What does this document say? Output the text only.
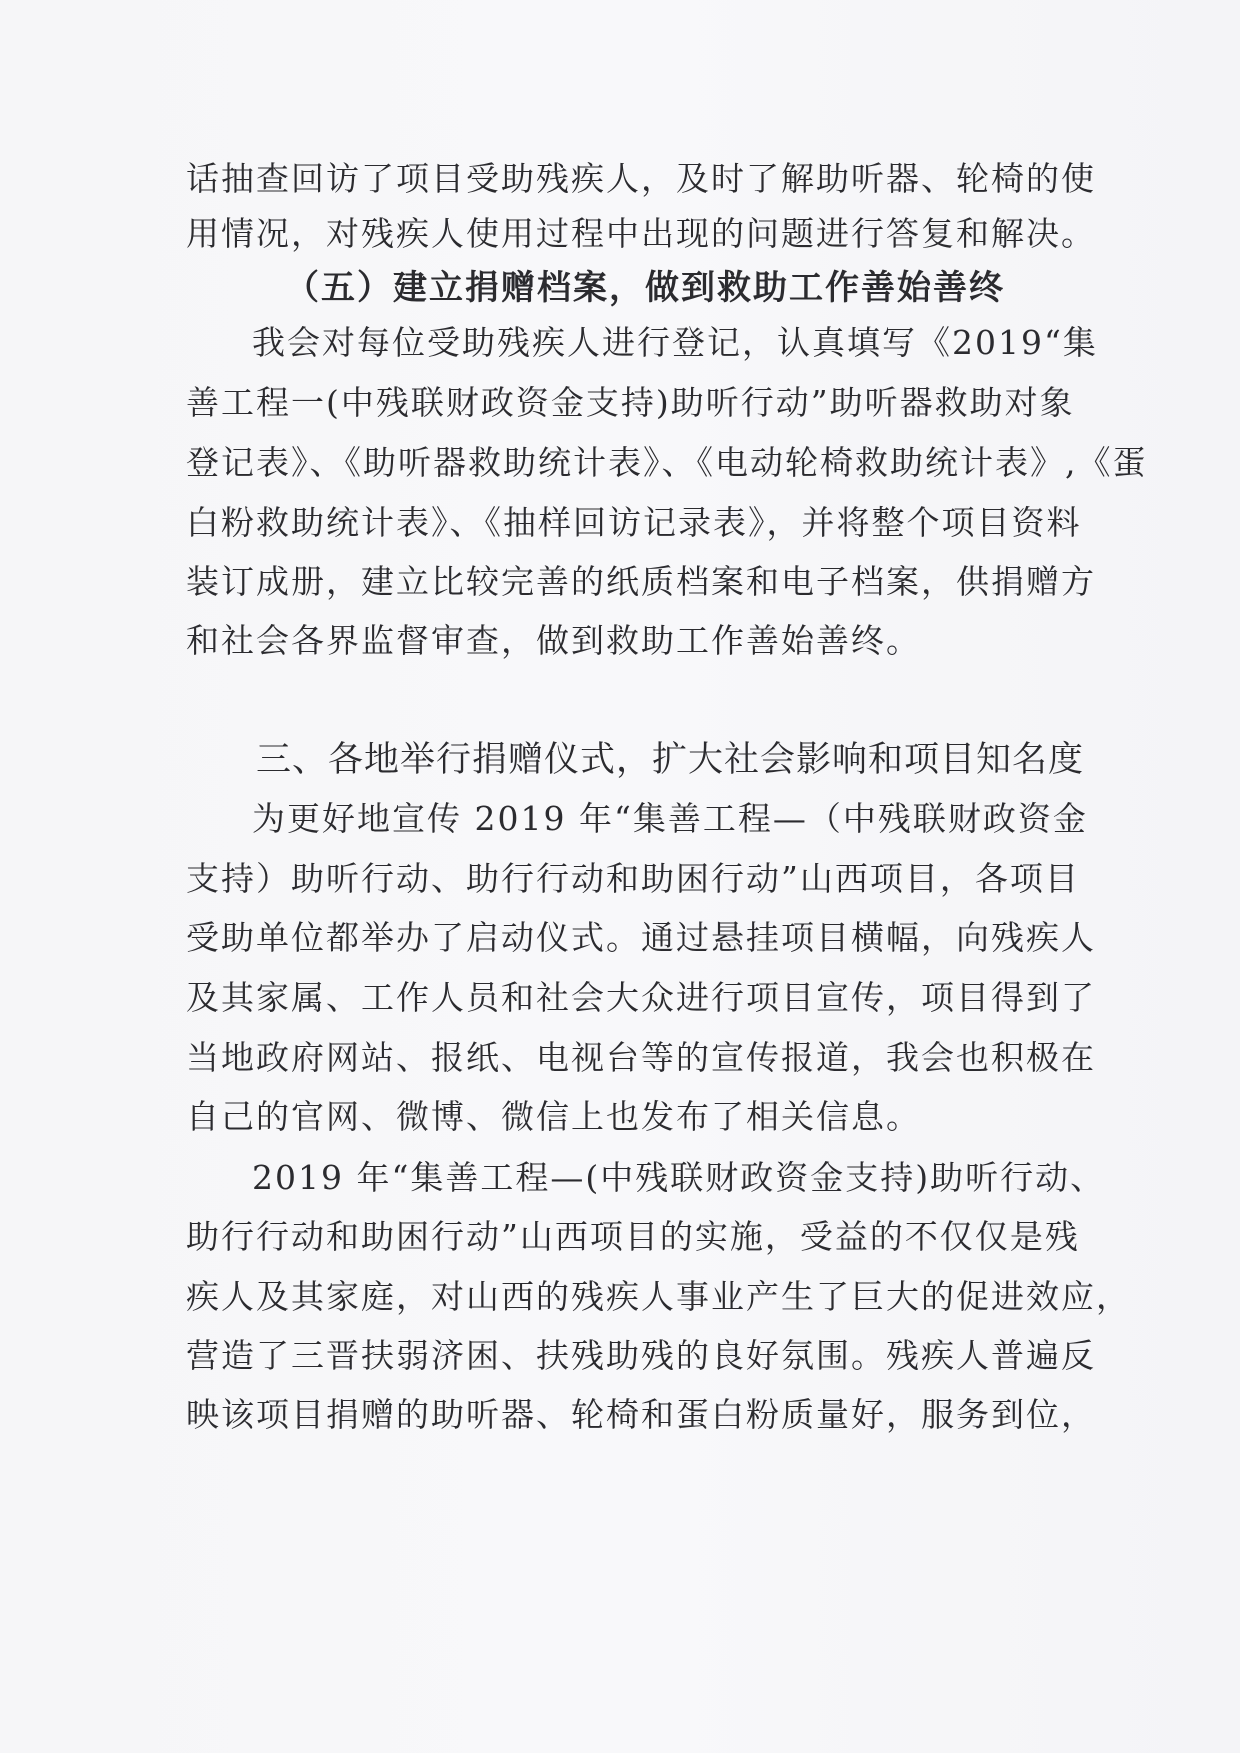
话抽查回访了项目受助残疾人，及时了解助听器、轮椅的使
用情况，对残疾人使用过程中出现的问题进行答复和解决。
（五）建立捐赠档案，做到救助工作善始善终
我会对每位受助残疾人进行登记，认真填写《2019“集
善工程一(中残联财政资金支持)助听行动”助听器救助对象
登记表》、《助听器救助统计表》、《电动轮椅救助统计表》,《蛋
白粉救助统计表》、《抽样回访记录表》，并将整个项目资料
装订成册，建立比较完善的纸质档案和电子档案，供捐赠方
和社会各界监督审查，做到救助工作善始善终。
三、各地举行捐赠仪式，扩大社会影响和项目知名度
为更好地宣传 2019 年“集善工程—（中残联财政资金
支持）助听行动、助行行动和助困行动”山西项目，各项目
受助单位都举办了启动仪式。通过悬挂项目横幅，向残疾人
及其家属、工作人员和社会大众进行项目宣传，项目得到了
当地政府网站、报纸、电视台等的宣传报道，我会也积极在
自己的官网、微博、微信上也发布了相关信息。
2019 年“集善工程—(中残联财政资金支持)助听行动、
助行行动和助困行动”山西项目的实施，受益的不仅仅是残
疾人及其家庭，对山西的残疾人事业产生了巨大的促进效应，
营造了三晋扶弱济困、扶残助残的良好氛围。残疾人普遍反
映该项目捐赠的助听器、轮椅和蛋白粉质量好，服务到位，
